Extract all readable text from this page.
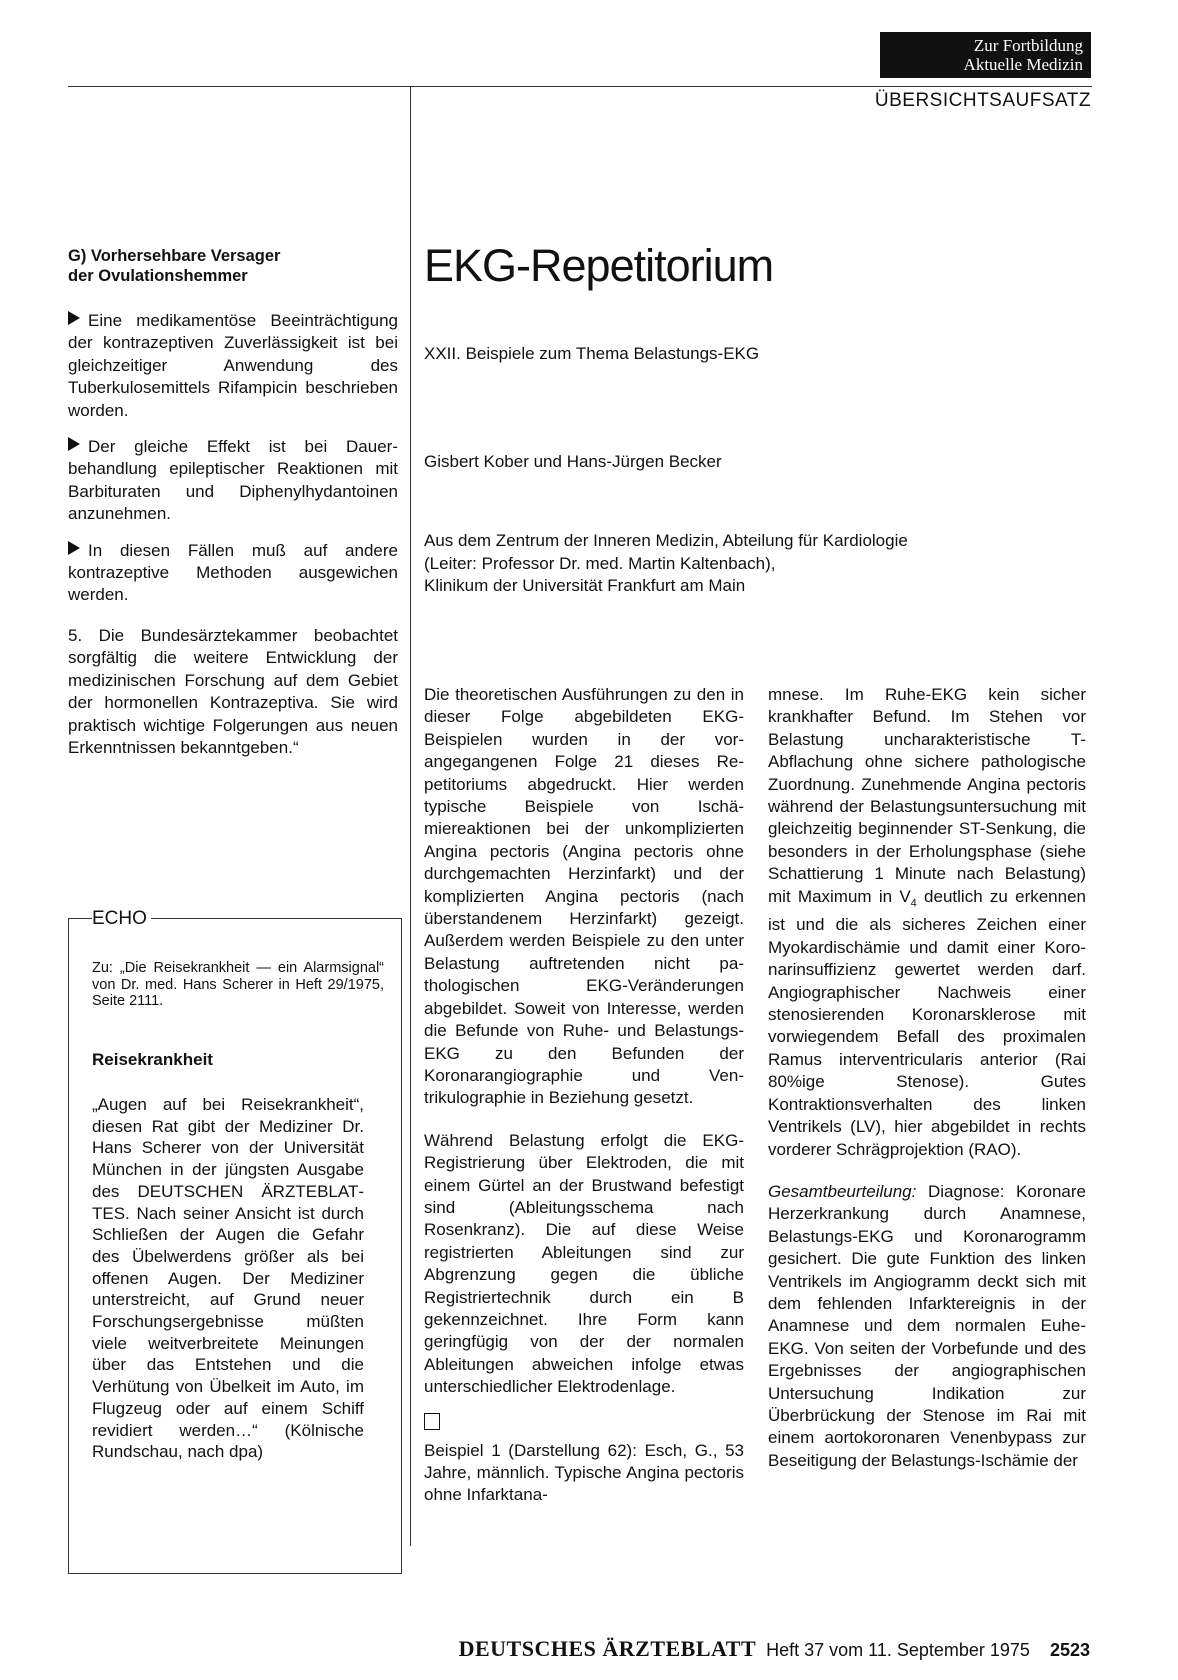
Zur Fortbildung
Aktuelle Medizin
ÜBERSICHTSAUFSATZ
G) Vorhersehbare Versager
der Ovulationshemmer

Eine medikamentöse Beeinträchtigung der kontrazeptiven Zuverlässigkeit ist bei gleichzeitiger Anwendung des Tuberkulosemittels Rifampicin beschrieben worden.

Der gleiche Effekt ist bei Dauerbehandlung epileptischer Reaktionen mit Barbituraten und Diphenylhydantoinen anzunehmen.

In diesen Fällen muß auf andere kontrazeptive Methoden ausgewichen werden.

5. Die Bundesärztekammer beobachtet sorgfältig die weitere Entwicklung der medizinischen Forschung auf dem Gebiet der hormonellen Kontrazeptiva. Sie wird praktisch wichtige Folgerungen aus neuen Erkenntnissen bekanntgeben.“

ECHO
Zu: „Die Reisekrankheit — ein Alarmsignal“ von Dr. med. Hans Scherer in Heft 29/1975, Seite 2111.
Reisekrankheit
„Augen auf bei Reisekrankheit“, diesen Rat gibt der Mediziner Dr. Hans Scherer von der Universität München in der jüngsten Ausgabe des DEUTSCHEN ÄRZTEBLATTES. Nach seiner Ansicht ist durch Schließen der Augen die Gefahr des Übelwerdens größer als bei offenen Augen. Der Mediziner unterstreicht, auf Grund neuer Forschungsergebnisse müßten viele weitverbreitete Meinungen über das Entstehen und die Verhütung von Übelkeit im Auto, im Flugzeug oder auf einem Schiff revidiert werden…“ (Kölnische Rundschau, nach dpa)
EKG-Repetitorium
XXII. Beispiele zum Thema Belastungs-EKG
Gisbert Kober und Hans-Jürgen Becker
Aus dem Zentrum der Inneren Medizin, Abteilung für Kardiologie
(Leiter: Professor Dr. med. Martin Kaltenbach),
Klinikum der Universität Frankfurt am Main

Die theoretischen Ausführungen zu den in dieser Folge abgebildeten EKG-Beispielen wurden in der vorangegangenen Folge 21 dieses Repetitoriums abgedruckt. Hier werden typische Beispiele von Ischämiereaktionen bei der unkomplizierten Angina pectoris (Angina pectoris ohne durchgemachten Herzinfarkt) und der komplizierten Angina pectoris (nach überstandenem Herzinfarkt) gezeigt. Außerdem werden Beispiele zu den unter Belastung auftretenden nicht pathologischen EKG-Veränderungen abgebildet. Soweit von Interesse, werden die Befunde von Ruhe- und Belastungs-EKG zu den Befunden der Koronarangiographie und Ventrikulographie in Beziehung gesetzt.

Während Belastung erfolgt die EKG-Registrierung über Elektroden, die mit einem Gürtel an der Brustwand befestigt sind (Ableitungsschema nach Rosenkranz). Die auf diese Weise registrierten Ableitungen sind zur Abgrenzung gegen die übliche Registriertechnik durch ein B gekennzeichnet. Ihre Form kann geringfügig von der der normalen Ableitungen abweichen infolge etwas unterschiedlicher Elektrodenlage.

Beispiel 1 (Darstellung 62): Esch, G., 53 Jahre, männlich. Typische Angina pectoris ohne Infarktana-

mnese. Im Ruhe-EKG kein sicher krankhafter Befund. Im Stehen vor Belastung uncharakteristische T-Abflachung ohne sichere pathologische Zuordnung. Zunehmende Angina pectoris während der Belastungsuntersuchung mit gleichzeitig beginnender ST-Senkung, die besonders in der Erholungsphase (siehe Schattierung 1 Minute nach Belastung) mit Maximum in $V_4$ deutlich zu erkennen ist und die als sicheres Zeichen einer Myokardischämie und damit einer Koronarinsuffizienz gewertet werden darf. Angiographischer Nachweis einer stenosierenden Koronarsklerose mit vorwiegendem Befall des proximalen Ramus interventricularis anterior (Rai 80%ige Stenose). Gutes Kontraktionsverhalten des linken Ventrikels (LV), hier abgebildet in rechts vorderer Schrägprojektion (RAO).

Gesamtbeurteilung: Diagnose: Koronare Herzerkrankung durch Anamnese, Belastungs-EKG und Koronarogramm gesichert. Die gute Funktion des linken Ventrikels im Angiogramm deckt sich mit dem fehlenden Infarktereignis in der Anamnese und dem normalen Euhe-EKG. Von seiten der Vorbefunde und des Ergebnisses der angiographischen Untersuchung Indikation zur Überbrückung der Stenose im Rai mit einem aortokoronaren Venenbypass zur Beseitigung der Belastungs-Ischämie der

DEUTSCHES ÄRZTEBLATT Heft 37 vom 11. September 1975 2523
